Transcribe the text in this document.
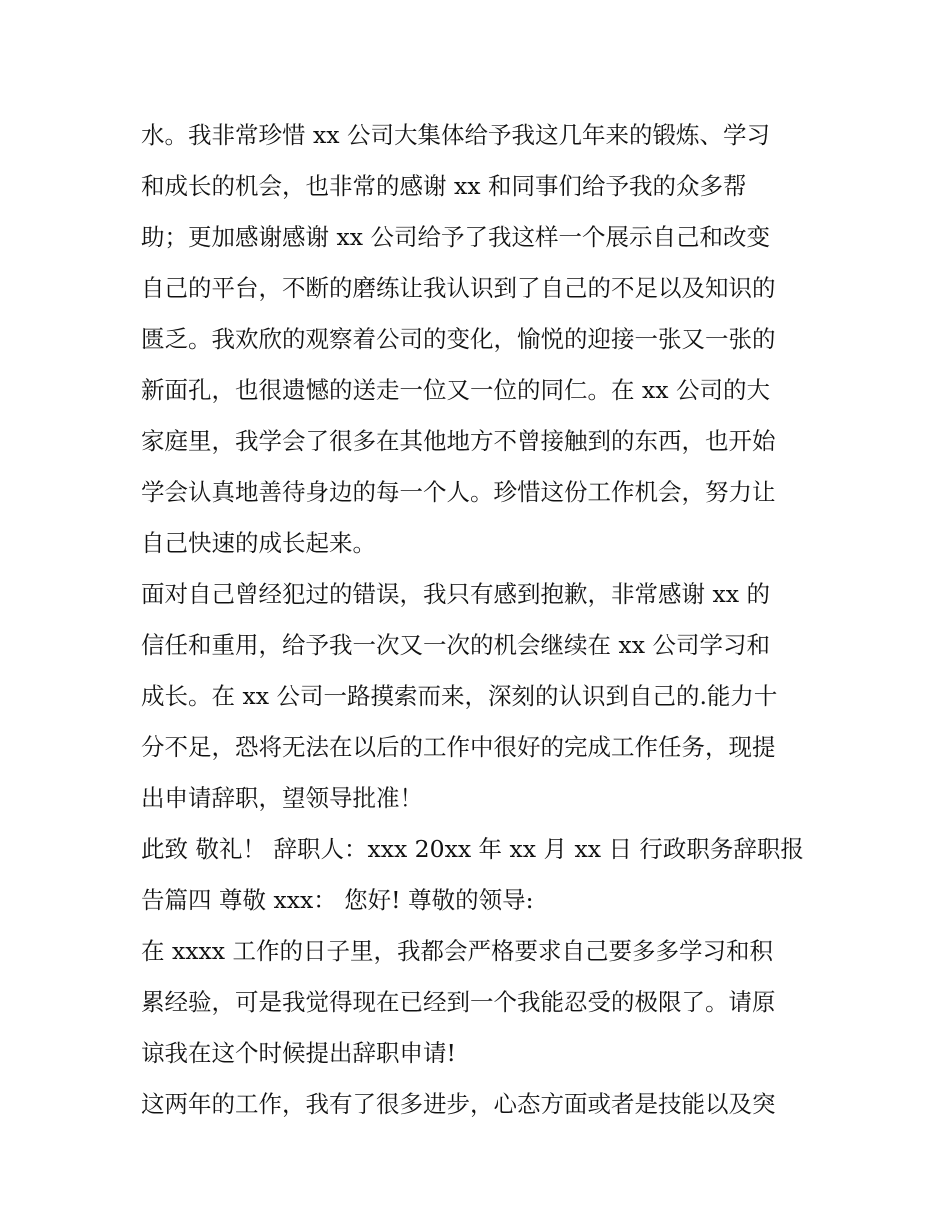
水。我非常珍惜 xx 公司大集体给予我这几年来的锻炼、学习
和成长的机会，也非常的感谢 xx 和同事们给予我的众多帮
助；更加感谢感谢 xx 公司给予了我这样一个展示自己和改变
自己的平台，不断的磨练让我认识到了自己的不足以及知识的
匮乏。我欢欣的观察着公司的变化，愉悦的迎接一张又一张的
新面孔，也很遗憾的送走一位又一位的同仁。在 xx 公司的大
家庭里，我学会了很多在其他地方不曾接触到的东西，也开始
学会认真地善待身边的每一个人。珍惜这份工作机会，努力让
自己快速的成长起来。
面对自己曾经犯过的错误，我只有感到抱歉，非常感谢 xx 的
信任和重用，给予我一次又一次的机会继续在 xx 公司学习和
成长。在 xx 公司一路摸索而来，深刻的认识到自己的.能力十
分不足，恐将无法在以后的工作中很好的完成工作任务，现提
出申请辞职，望领导批准！
此致 敬礼！ 辞职人：xxx 20xx 年 xx 月 xx 日 行政职务辞职报
告篇四 尊敬 xxx： 您好! 尊敬的领导:
在 xxxx 工作的日子里，我都会严格要求自己要多多学习和积
累经验，可是我觉得现在已经到一个我能忍受的极限了。请原
谅我在这个时候提出辞职申请!
这两年的工作，我有了很多进步，心态方面或者是技能以及突
